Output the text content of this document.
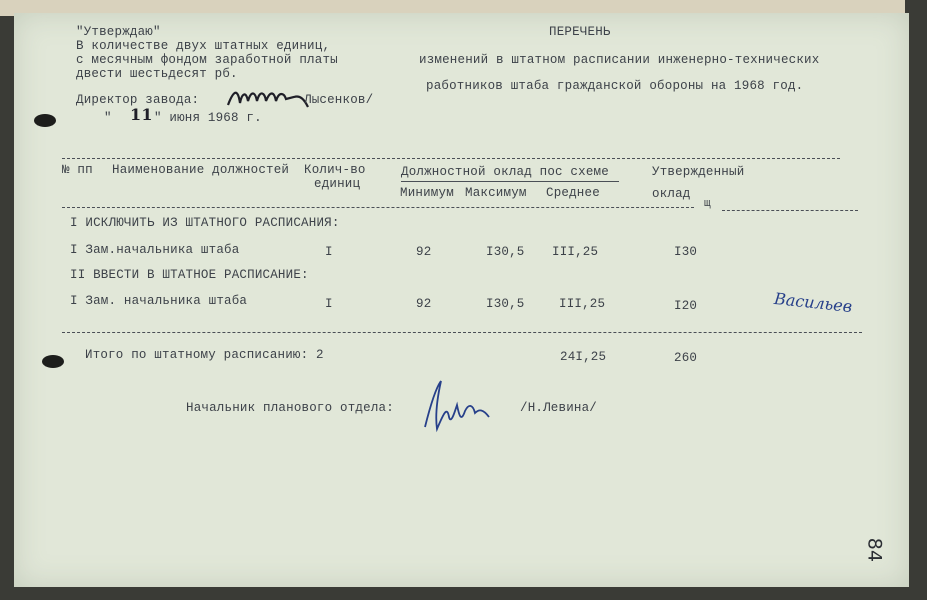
"Утверждаю"
В количестве двух штатных единиц,
с месячным фондом заработной платы
двести шестьдесят рб.
Директор завода:	Лысенков/
" 11 " июня 1968 г.
ПЕРЕЧЕНЬ
изменений в штатном расписании инженерно-технических
работников штаба гражданской обороны на 1968 год.
№ пп Наименование должностей Колич-во
единиц
Должностной оклад пос схеме
Минимум Максимум Среднее
Утвержденный
оклад
щ
I ИСКЛЮЧИТЬ ИЗ ШТАТНОГО РАСПИСАНИЯ:
I Зам.начальника штаба	I	92	I30,5 III,25	I30
II ВВЕСТИ В ШТАТНОЕ РАСПИСАНИЕ:
I Зам. начальника штаба	I	92	I30,5	III,25	I20	Васильев
Итого по штатному расписанию: 2	24I,25	260
Начальник планового отдела:	/Н.Левина/
84
